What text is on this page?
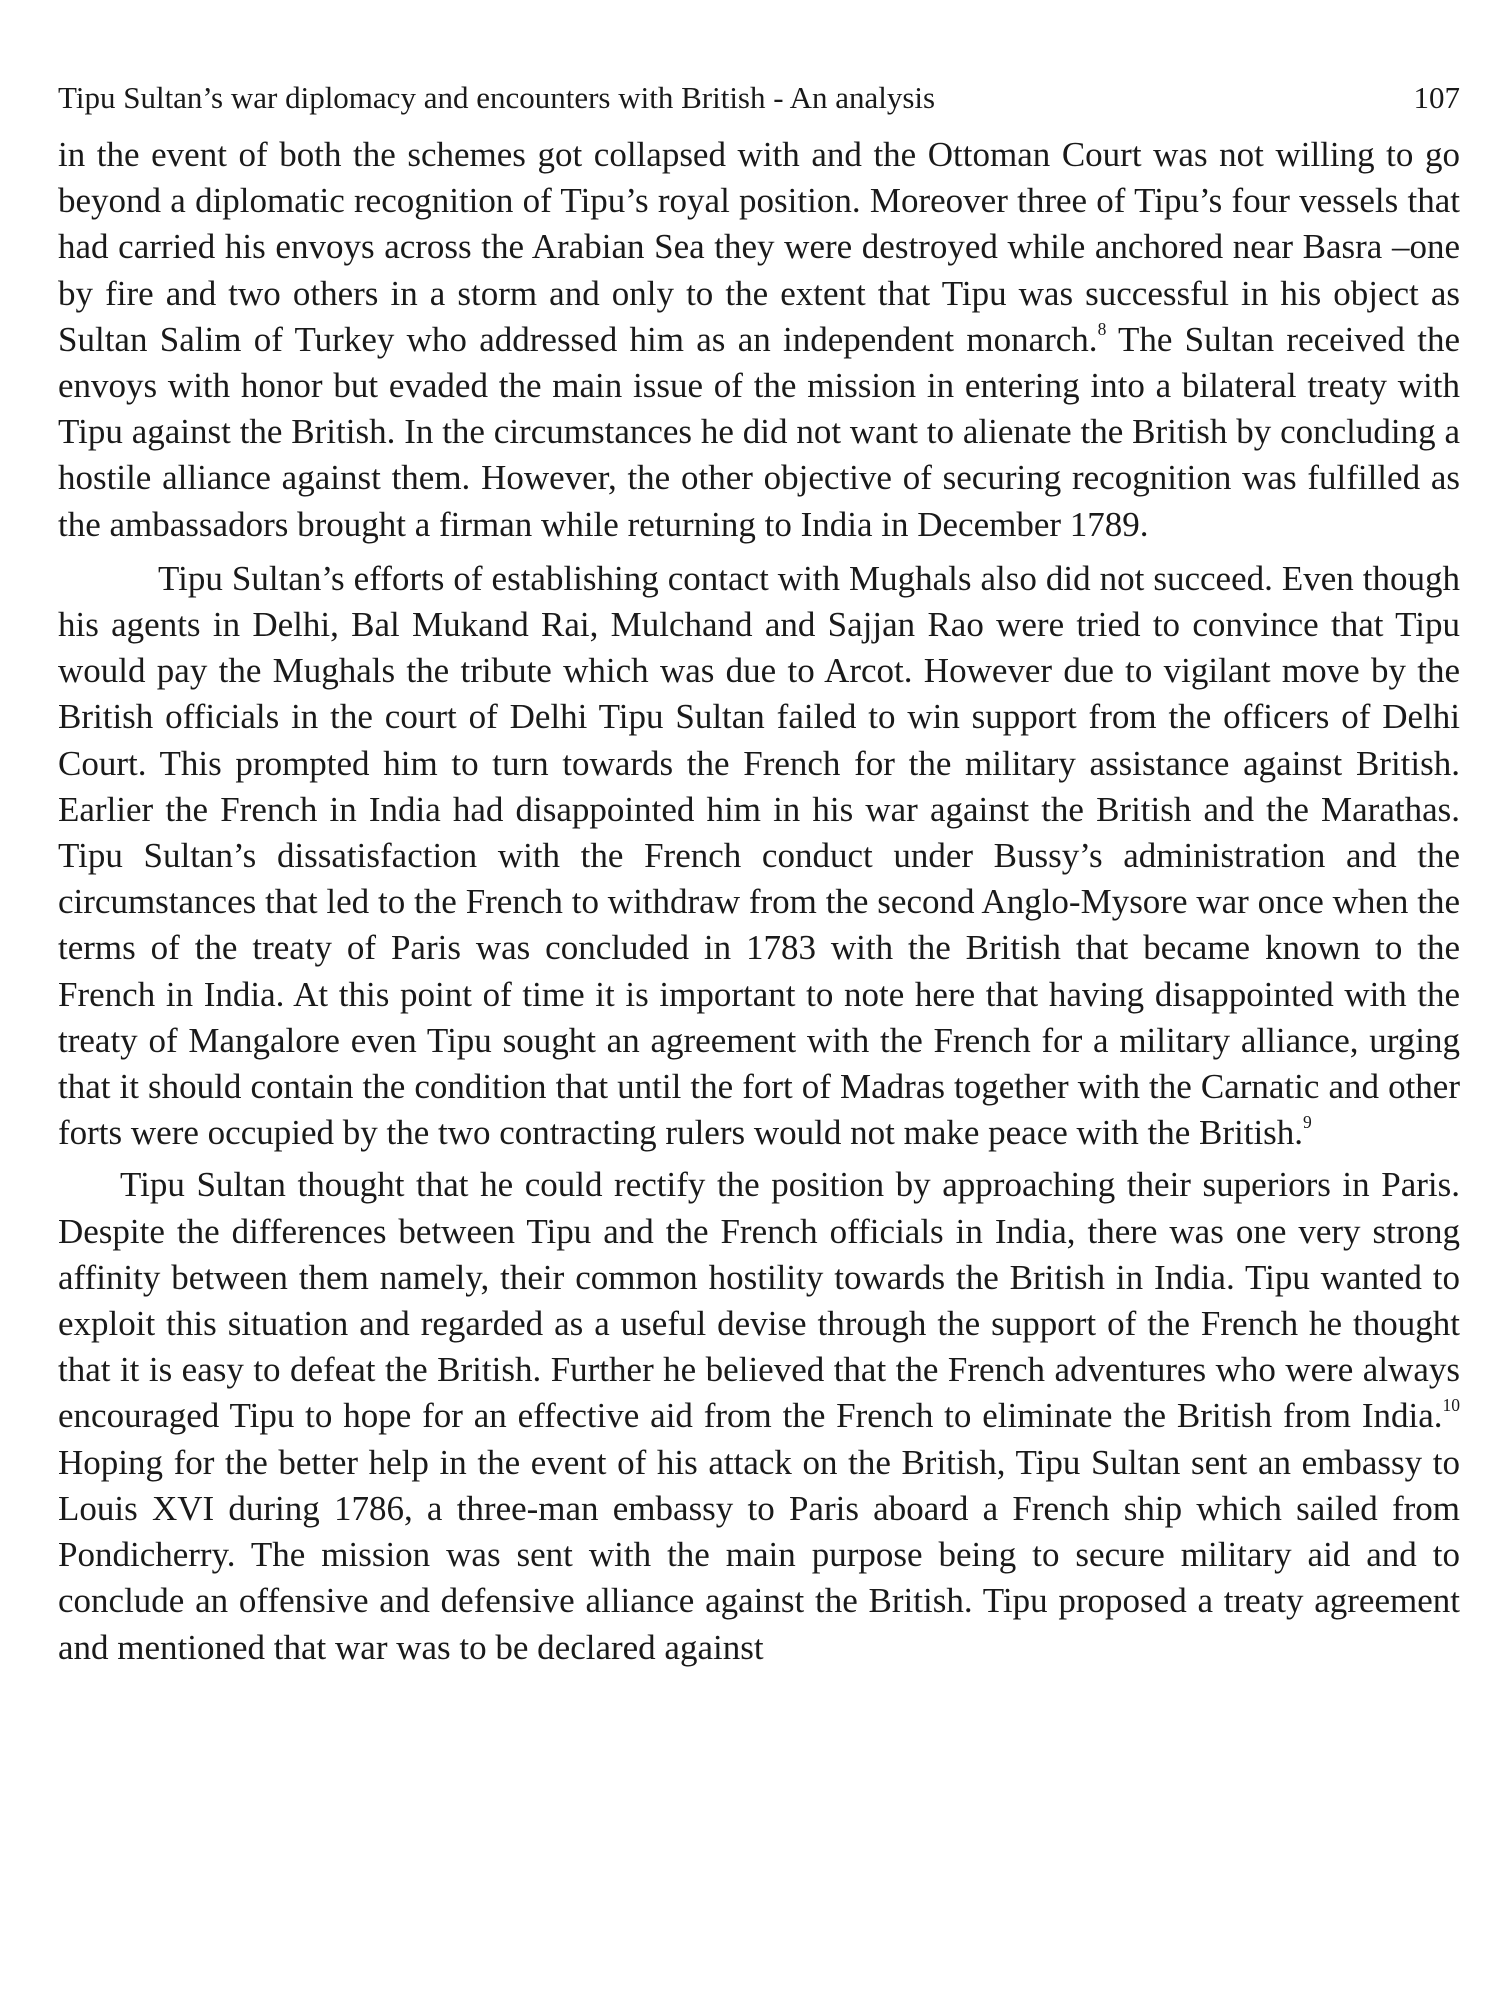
Tipu Sultan’s war diplomacy and encounters with British - An analysis	107

in the event of both the schemes got collapsed with and the Ottoman Court was not willing to go beyond a diplomatic recognition of Tipu’s royal position. Moreover three of Tipu’s four vessels that had carried his envoys across the Arabian Sea they were destroyed while anchored near Basra –one by fire and two others in a storm and only to the extent that Tipu was successful in his object as Sultan Salim of Turkey who addressed him as an independent monarch.$^8$ The Sultan received the envoys with honor but evaded the main issue of the mission in entering into a bilateral treaty with Tipu against the British. In the circumstances he did not want to alienate the British by concluding a hostile alliance against them. However, the other objective of securing recognition was fulfilled as the ambassadors brought a firman while returning to India in December 1789.

Tipu Sultan’s efforts of establishing contact with Mughals also did not succeed. Even though his agents in Delhi, Bal Mukand Rai, Mulchand and Sajjan Rao were tried to convince that Tipu would pay the Mughals the tribute which was due to Arcot. However due to vigilant move by the British officials in the court of Delhi Tipu Sultan failed to win support from the officers of Delhi Court. This prompted him to turn towards the French for the military assistance against British. Earlier the French in India had disappointed him in his war against the British and the Marathas. Tipu Sultan’s dissatisfaction with the French conduct under Bussy’s administration and the circumstances that led to the French to withdraw from the second Anglo-Mysore war once when the terms of the treaty of Paris was concluded in 1783 with the British that became known to the French in India. At this point of time it is important to note here that having disappointed with the treaty of Mangalore even Tipu sought an agreement with the French for a military alliance, urging that it should contain the condition that until the fort of Madras together with the Carnatic and other forts were occupied by the two contracting rulers would not make peace with the British.$^9$

Tipu Sultan thought that he could rectify the position by approaching their superiors in Paris. Despite the differences between Tipu and the French officials in India, there was one very strong affinity between them namely, their common hostility towards the British in India. Tipu wanted to exploit this situation and regarded as a useful devise through the support of the French he thought that it is easy to defeat the British. Further he believed that the French adventures who were always encouraged Tipu to hope for an effective aid from the French to eliminate the British from India.$^{10}$ Hoping for the better help in the event of his attack on the British, Tipu Sultan sent an embassy to Louis XVI during 1786, a three-man embassy to Paris aboard a French ship which sailed from Pondicherry. The mission was sent with the main purpose being to secure military aid and to conclude an offensive and defensive alliance against the British. Tipu proposed a treaty agreement and mentioned that war was to be declared against
